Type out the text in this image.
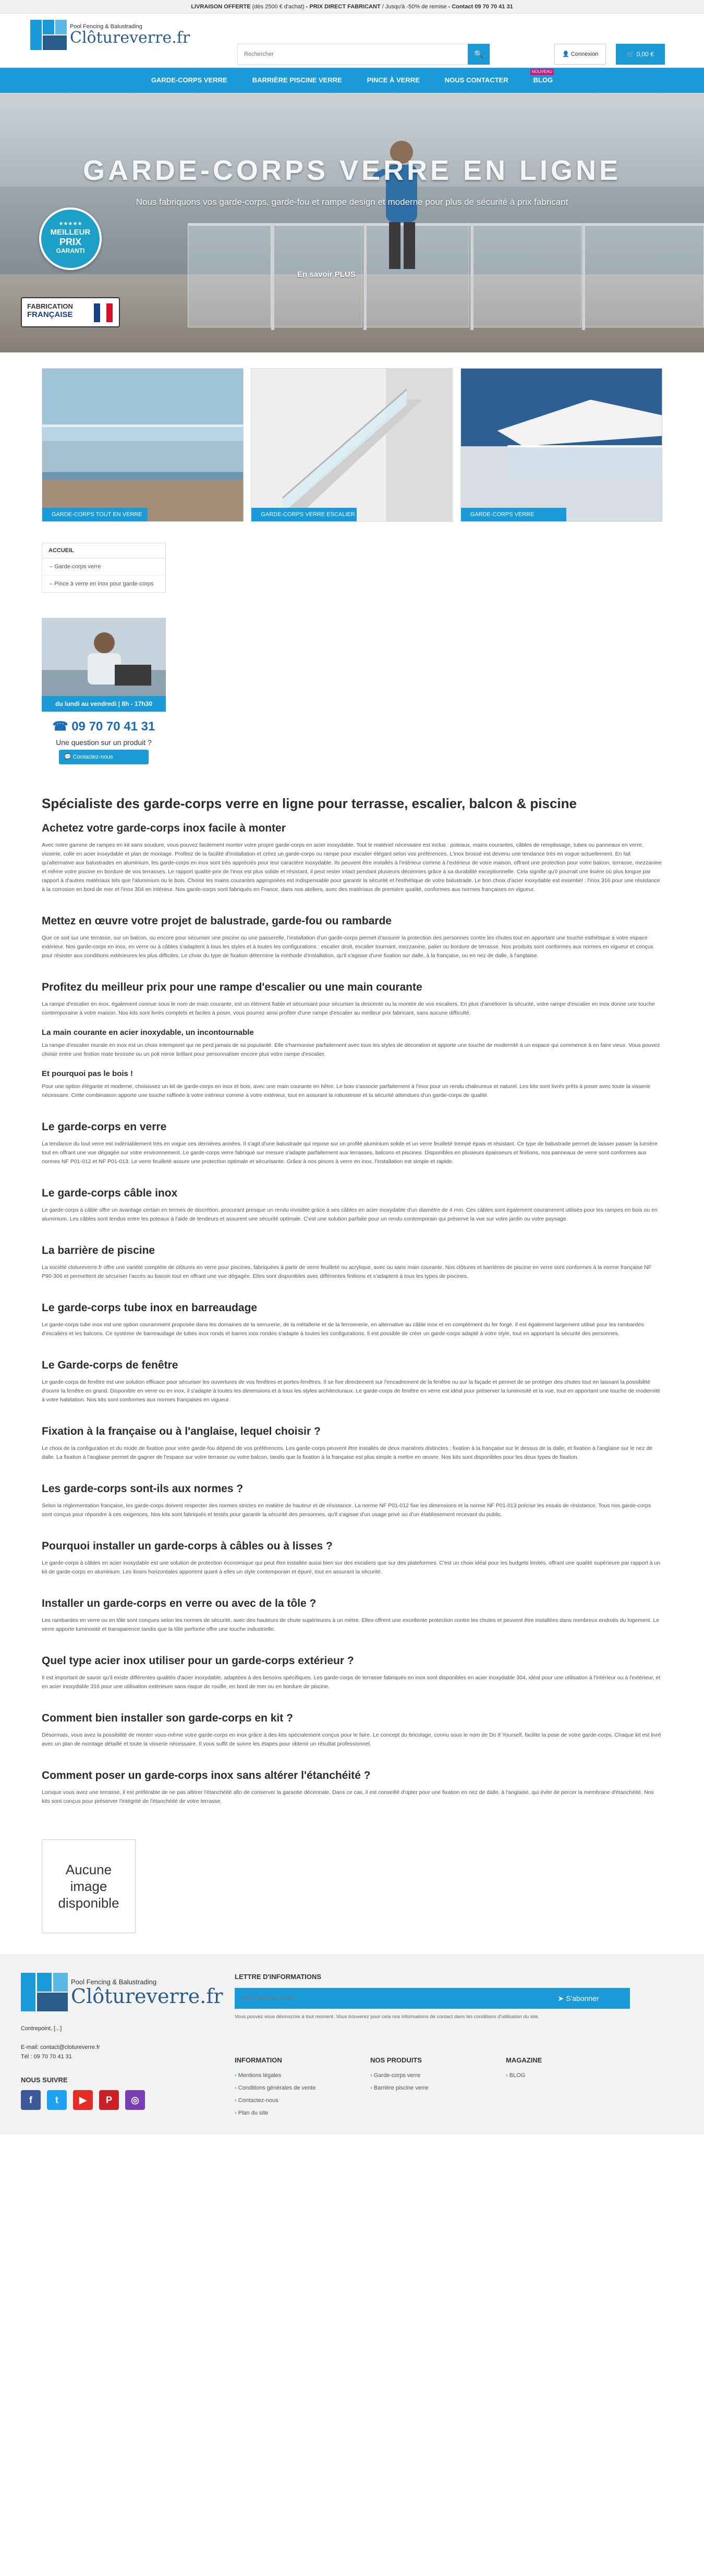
LIVRAISON OFFERTE (dès 2500 € d'achat) - PRIX DIRECT FABRICANT / Jusqu'à -50% de remise - Contact 09 70 70 41 31
Pool Fencing & Balustrading
Clôtureverre.fr
Rechercher
🔍	👤 Connexion	🛒 0,00 €
GARDE-CORPS VERRE	BARRIÈRE PISCINE VERRE	PINCE À VERRE	NOUS CONTACTER
NOUVEAU
BLOG
GARDE-CORPS VERRE EN LIGNE
Nous fabriquons vos garde-corps, garde-fou et rampe design et moderne pour plus de sécurité à prix fabricant
En savoir PLUS
★★★★★
MEILLEUR
PRIX
GARANTI
FABRICATION
FRANÇAISE
GARDE-CORPS TOUT EN VERRE	GARDE-CORPS VERRE ESCALIER	GARDE-CORPS VERRE EXTÉRIEUR
ACCUEIL
– Garde-corps verre
– Pince à verre en inox pour garde-corps
du lundi au vendredi | 8h - 17h30
☎ 09 70 70 41 31
Une question sur un produit ?
💬 Contactez-nous
Spécialiste des garde-corps verre en ligne pour terrasse, escalier, balcon & piscine
Achetez votre garde-corps inox facile à monter

Avec notre gamme de rampes en kit sans soudure, vous pouvez facilement monter votre propre garde-corps en acier inoxydable. Tout le matériel nécessaire est inclus : poteaux, mains courantes, câbles de remplissage, tubes ou panneaux en verre, visserie, colle en acier inoxydable et plan de montage. Profitez de la facilité d'installation et créez un garde-corps ou rampe pour escalier élégant selon vos préférences. L'inox brossé est devenu une tendance très en vogue actuellement. En fait qu'alternative aux balustrades en aluminium, les garde-corps en inox sont très appréciés pour leur caractère inoxydable. Ils peuvent être installés à l'intérieur comme à l'extérieur de votre maison, offrant une protection pour votre balcon, terrasse, mezzanine et même votre piscine en bordure de vos terrasses. Le rapport qualité-prix de l'inox est plus solide et résistant, il peut rester intact pendant plusieurs décennies grâce à sa durabilité exceptionnelle. Cela signifie qu'il pourrait une lisière où plus longue par rapport à d'autres matériaux tels que l'aluminium ou le bois. Choisir les mains courantes appropriées est indispensable pour garantir la sécurité et l'esthétique de votre balustrade. Le bon choix d'acier inoxydable est essentiel : l'inox 316 pour une résistance à la corrosion en bord de mer et l'inox 304 en intérieur. Nos garde-corps sont fabriqués en France, dans nos ateliers, avec des matériaux de première qualité, conformes aux normes françaises en vigueur.

Mettez en œuvre votre projet de balustrade, garde-fou ou rambarde

Que ce soit sur une terrasse, sur un balcon, ou encore pour sécuriser une piscine ou une passerelle, l'installation d'un garde-corps permet d'assurer la protection des personnes contre les chutes tout en apportant une touche esthétique à votre espace extérieur. Nos garde-corps en inox, en verre ou à câbles s'adaptent à tous les styles et à toutes les configurations : escalier droit, escalier tournant, mezzanine, palier ou bordure de terrasse. Nos produits sont conformes aux normes en vigueur et conçus pour résister aux conditions extérieures les plus difficiles. Le choix du type de fixation détermine la méthode d'installation, qu'il s'agisse d'une fixation sur dalle, à la française, ou en nez de dalle, à l'anglaise.

Profitez du meilleur prix pour une rampe d'escalier ou une main courante

La rampe d'escalier en inox, également connue sous le nom de main courante, est un élément fiable et sécurisant pour sécuriser la descente ou la montée de vos escaliers. En plus d'améliorer la sécurité, votre rampe d'escalier en inox donne une touche contemporaine à votre maison. Nos kits sont livrés complets et faciles à poser, vous pourrez ainsi profiter d'une rampe d'escalier au meilleur prix fabricant, sans aucune difficulté.

La main courante en acier inoxydable, un incontournable

La rampe d'escalier murale en inox est un choix intemporel qui ne perd jamais de sa popularité. Elle s'harmonise parfaitement avec tous les styles de décoration et apporte une touche de modernité à un espace qui commence à en faire vieux. Vous pouvez choisir entre une finition mate brossée ou un poli miroir brillant pour personnaliser encore plus votre rampe d'escalier.

Et pourquoi pas le bois !

Pour une option élégante et moderne, choisissez un kit de garde-corps en inox et bois, avec une main courante en hêtre. Le bois s'associe parfaitement à l'inox pour un rendu chaleureux et naturel. Les kits sont livrés prêts à poser avec toute la visserie nécessaire. Cette combinaison apporte une touche raffinée à votre intérieur comme à votre extérieur, tout en assurant la robustesse et la sécurité attendues d'un garde-corps de qualité.

Le garde-corps en verre

La tendance du tout verre est indéniablement très en vogue ces dernières années. Il s'agit d'une balustrade qui repose sur un profilé aluminium solide et un verre feuilleté trempé épais et résistant. Ce type de balustrade permet de laisser passer la lumière tout en offrant une vue dégagée sur votre environnement. Le garde-corps verre fabriqué sur mesure s'adapte parfaitement aux terrasses, balcons et piscines. Disponibles en plusieurs épaisseurs et finitions, nos panneaux de verre sont conformes aux normes NF P01-012 et NF P01-013. Le verre feuilleté assure une protection optimale et sécurisante. Grâce à nos pinces à verre en inox, l'installation est simple et rapide.

Le garde-corps câble inox

Le garde-corps à câble offre un avantage certain en termes de discrétion, procurant presque un rendu invisible grâce à ses câbles en acier inoxydable d'un diamètre de 4 mm. Ces câbles sont également couramment utilisés pour les rampes en bois ou en aluminium. Les câbles sont tendus entre les poteaux à l'aide de tendeurs et assurent une sécurité optimale. C'est une solution parfaite pour un rendu contemporain qui préserve la vue sur votre jardin ou votre paysage.

La barrière de piscine

La société clotureverre.fr offre une variété complète de clôtures en verre pour piscines, fabriquées à partir de verre feuilleté ou acrylique, avec ou sans main courante. Nos clôtures et barrières de piscine en verre sont conformes à la norme française NF P90-306 et permettent de sécuriser l'accès au bassin tout en offrant une vue dégagée. Elles sont disponibles avec différentes finitions et s'adaptent à tous les types de piscines.

Le garde-corps tube inox en barreaudage

Le garde-corps tube inox est une option couramment proposée dans les domaines de la serrurerie, de la métallerie et de la ferronnerie, en alternative au câble inox et en complément du fer forgé. Il est également largement utilisé pour les rambardes d'escaliers et les balcons. Ce système de barreaudage de tubes inox ronds et barres inox rondes s'adapte à toutes les configurations. Il est possible de créer un garde-corps adapté à votre style, tout en apportant la sécurité des personnes.

Le Garde-corps de fenêtre

Le garde-corps de fenêtre est une solution efficace pour sécuriser les ouvertures de vos fenêtres et portes-fenêtres. Il se fixe directement sur l'encadrement de la fenêtre ou sur la façade et permet de se protéger des chutes tout en laissant la possibilité d'ouvrir la fenêtre en grand. Disponible en verre ou en inox, il s'adapte à toutes les dimensions et à tous les styles architecturaux. Le garde-corps de fenêtre en verre est idéal pour préserver la luminosité et la vue, tout en apportant une touche de modernité à votre habitation. Nos kits sont conformes aux normes françaises en vigueur.

Fixation à la française ou à l'anglaise, lequel choisir ?

Le choix de la configuration et du mode de fixation pour votre garde-fou dépend de vos préférences. Les garde-corps peuvent être installés de deux manières distinctes : fixation à la française sur le dessus de la dalle, et fixation à l'anglaise sur le nez de dalle. La fixation à l'anglaise permet de gagner de l'espace sur votre terrasse ou votre balcon, tandis que la fixation à la française est plus simple à mettre en œuvre. Nos kits sont disponibles pour les deux types de fixation.

Les garde-corps sont-ils aux normes ?

Selon la réglementation française, les garde-corps doivent respecter des normes strictes en matière de hauteur et de résistance. La norme NF P01-012 fixe les dimensions et la norme NF P01-013 précise les essais de résistance. Tous nos garde-corps sont conçus pour répondre à ces exigences. Nos kits sont fabriqués et testés pour garantir la sécurité des personnes, qu'il s'agisse d'un usage privé ou d'un établissement recevant du public.

Pourquoi installer un garde-corps à câbles ou à lisses ?

Le garde-corps à câbles en acier inoxydable est une solution de protection économique qui peut être installée aussi bien sur des escaliers que sur des plateformes. C'est un choix idéal pour les budgets limités, offrant une qualité supérieure par rapport à un kit de garde-corps en aluminium. Les lisses horizontales apportent quant à elles un style contemporain et épuré, tout en assurant la sécurité.

Installer un garde-corps en verre ou avec de la tôle ?

Les rambardes en verre ou en tôle sont conçues selon les normes de sécurité, avec des hauteurs de chute supérieures à un mètre. Elles offrent une excellente protection contre les chutes et peuvent être installées dans nombreux endroits du logement. Le verre apporte luminosité et transparence tandis que la tôle perforée offre une touche industrielle.

Quel type acier inox utiliser pour un garde-corps extérieur ?

Il est important de savoir qu'il existe différentes qualités d'acier inoxydable, adaptées à des besoins spécifiques. Les garde-corps de terrasse fabriqués en inox sont disponibles en acier inoxydable 304, idéal pour une utilisation à l'intérieur ou à l'extérieur, et en acier inoxydable 316 pour une utilisation extérieure sans risque de rouille, en bord de mer ou en bordure de piscine.

Comment bien installer son garde-corps en kit ?

Désormais, vous avez la possibilité de monter vous-même votre garde-corps en inox grâce à des kits spécialement conçus pour le faire. Le concept du bricolage, connu sous le nom de Do It Yourself, facilite la pose de votre garde-corps. Chaque kit est livré avec un plan de montage détaillé et toute la visserie nécessaire. Il vous suffit de suivre les étapes pour obtenir un résultat professionnel.

Comment poser un garde-corps inox sans altérer l'étanchéité ?

Lorsque vous avez une terrasse, il est préférable de ne pas altérer l'étanchéité afin de conserver la garantie décennale. Dans ce cas, il est conseillé d'opter pour une fixation en nez de dalle, à l'anglaise, qui évite de percer la membrane d'étanchéité. Nos kits sont conçus pour préserver l'intégrité de l'étanchéité de votre terrasse.

Aucune
image
disponible
Pool Fencing & Balustrading
Clôtureverre.fr
Contrepoint, [...]
E-mail: contact@clotureverre.fr
Tél : 09 70 70 41 31
NOUS SUIVRE
f	t	▶	P	◎
LETTRE D'INFORMATIONS
Votre adresse e-mail
➤ S'abonner
Vous pouvez vous désinscrire à tout moment. Vous trouverez pour cela nos informations de contact dans les conditions d'utilisation du site.
INFORMATION
› Mentions légales
› Conditions générales de vente
› Contactez-nous
› Plan du site
NOS PRODUITS
› Garde-corps verre
› Barrière piscine verre
MAGAZINE
› BLOG
